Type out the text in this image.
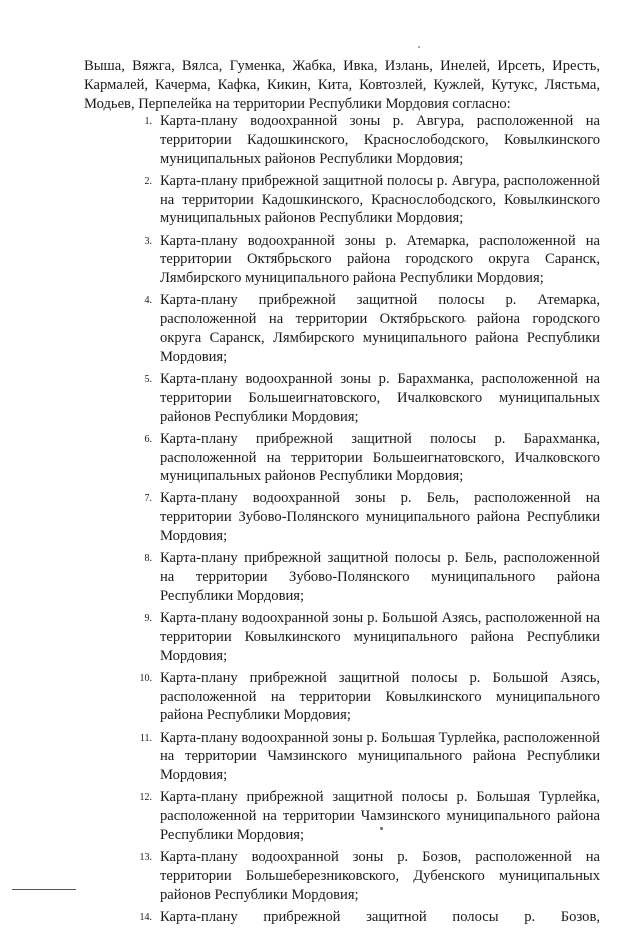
Выша, Вяжга, Вялса, Гуменка, Жабка, Ивка, Излань, Инелей, Ирсеть, Иресть, Кармалей, Качерма, Кафка, Кикин, Кита, Ковтозлей, Кужлей, Кутукс, Лястьма, Модьев, Перпелейка на территории Республики Мордовия согласно:

1. Карта-плану водоохранной зоны р. Авгура, расположенной на территории Кадошкинского, Краснослободского, Ковылкинского муниципальных районов Республики Мордовия;
2. Карта-плану прибрежной защитной полосы р. Авгура, расположенной на территории Кадошкинского, Краснослободского, Ковылкинского муниципальных районов Республики Мордовия;
3. Карта-плану водоохранной зоны р. Атемарка, расположенной на территории Октябрьского района городского округа Саранск, Лямбирского муниципального района Республики Мордовия;
4. Карта-плану прибрежной защитной полосы р. Атемарка, расположенной на территории Октябрьского района городского округа Саранск, Лямбирского муниципального района Республики Мордовия;
5. Карта-плану водоохранной зоны р. Барахманка, расположенной на территории Большеигнатовского, Ичалковского муниципальных районов Республики Мордовия;
6. Карта-плану прибрежной защитной полосы р. Барахманка, расположенной на территории Большеигнатовского, Ичалковского муниципальных районов Республики Мордовия;
7. Карта-плану водоохранной зоны р. Бель, расположенной на территории Зубово-Полянского муниципального района Республики Мордовия;
8. Карта-плану прибрежной защитной полосы р. Бель, расположенной на территории Зубово-Полянского муниципального района Республики Мордовия;
9. Карта-плану водоохранной зоны р. Большой Азясь, расположенной на территории Ковылкинского муниципального района Республики Мордовия;
10. Карта-плану прибрежной защитной полосы р. Большой Азясь, расположенной на территории Ковылкинского муниципального района Республики Мордовия;
11. Карта-плану водоохранной зоны р. Большая Турлейка, расположенной на территории Чамзинского муниципального района Республики Мордовия;
12. Карта-плану прибрежной защитной полосы р. Большая Турлейка, расположенной на территории Чамзинского муниципального района Республики Мордовия;
13. Карта-плану водоохранной зоны р. Бозов, расположенной на территории Большеберезниковского, Дубенского муниципальных районов Республики Мордовия;
14. Карта-плану прибрежной защитной полосы р. Бозов,
